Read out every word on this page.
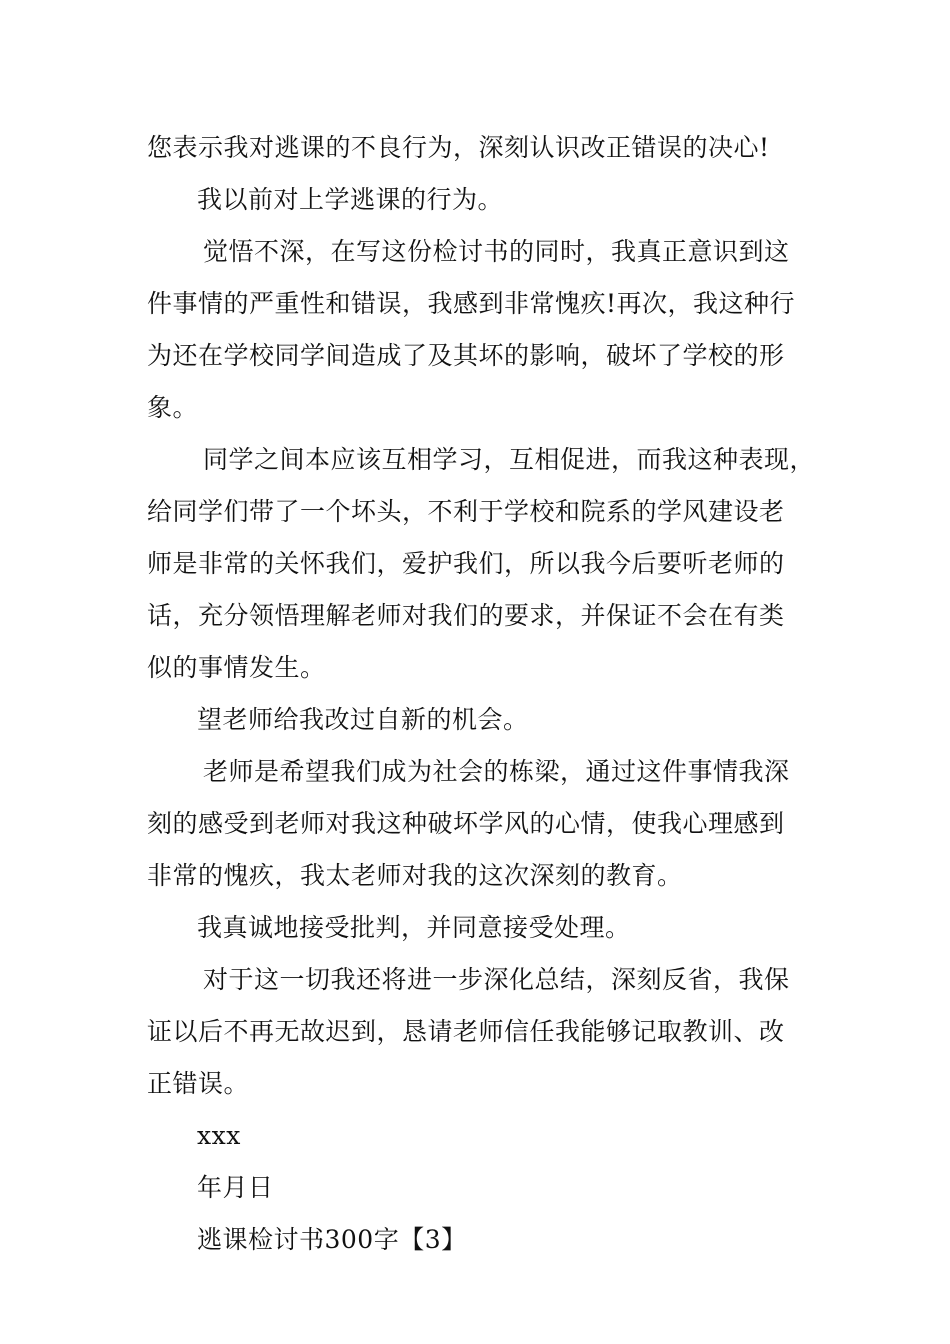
您表示我对逃课的不良行为，深刻认识改正错误的决心!
我以前对上学逃课的行为。
觉悟不深，在写这份检讨书的同时，我真正意识到这
件事情的严重性和错误，我感到非常愧疚!再次，我这种行
为还在学校同学间造成了及其坏的影响，破坏了学校的形
象。
同学之间本应该互相学习，互相促进，而我这种表现，
给同学们带了一个坏头，不利于学校和院系的学风建设老
师是非常的关怀我们，爱护我们，所以我今后要听老师的
话，充分领悟理解老师对我们的要求，并保证不会在有类
似的事情发生。
望老师给我改过自新的机会。
老师是希望我们成为社会的栋梁，通过这件事情我深
刻的感受到老师对我这种破坏学风的心情，使我心理感到
非常的愧疚，我太老师对我的这次深刻的教育。
我真诚地接受批判，并同意接受处理。
对于这一切我还将进一步深化总结，深刻反省，我保
证以后不再无故迟到，恳请老师信任我能够记取教训、改
正错误。
xxx
年月日
逃课检讨书300字【3】
